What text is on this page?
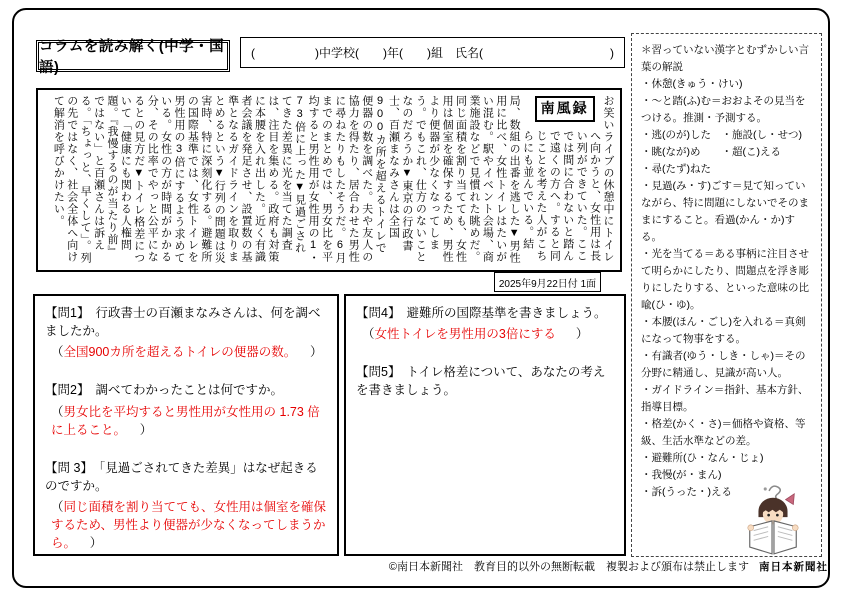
コラムを読み解く(中学・国語)
(　　　　　)中学校(　　)年(　　)組　氏名(	)
お笑いライブの休憩中にト
南風録
イレへ向かうと、女性用は長い列ができていた。ここでは間に合わないと踏んで遠くの方へ。すると同じことを考えた人がこちらにも並んでいる。結局、数組の出番を逃した▼男性用に比べ、女性トイレはたいがい混む。駅やイベント会場、商業施設などで見慣れた眺めだ。同じ面積を割り当てても、女性用は個室を確保するため、男性より便器が少なくなってしまう。でもこれ、仕方のないことなのだろうか▼東京の行政書士、百瀬まなみさんは全国900カ所を超えるトイレで便器の数を調べた。夫や友人の協力を得たり、居合わせた男性に尋ねたりもしたそうだ。6月までのまとめでは、男女比を平均すると男性用が女性用の1・73倍に上った▼見過ごされてきた差異に光を当てた調査は、注目を集める。政府も対策に本腰を入れ出した。近く有識者会議を発足させ、設置数の基準となるガイドラインを取りまとめるという▼行列の問題は災害時、特に深刻化する。避難所の国際基準では、女性トイレを男性用の3倍にするよう求めている。女性の方が時間がかかる分、その比率でやっと公平になるとの見方だ▼トイレ格差について「健康にも関わる人権問題。『我慢するのが当たり前』ではない」と百瀬さんは訴える。「ちょっと、早くして」。列の先ではなく、社会全体へ向けて解消を呼びかけたい。
2025年9月22日付 1面
【問1】 行政書士の百瀬まなみさんは、何を調べましたか。
（全国900カ所を超えるトイレの便器の数。 ）
【問2】 調べてわかったことは何ですか。
（男女比を平均すると男性用が女性用の 1.73 倍に上ること。 ）
【問 3】 「見過ごされてきた差異」はなぜ起きるのですか。
（同じ面積を割り当てても、女性用は個室を確保するため、男性より便器が少なくなってしまうから。 ）
【問4】 避難所の国際基準を書きましょう。
（女性トイレを男性用の3倍にする ）
【問5】 トイレ格差について、あなたの考えを書きましょう。
＊習っていない漢字とむずかしい言葉の解説
・休憩(きゅう・けい)
・〜と踏(ふ)む＝おおよその見当をつける。推測・予測する。
・逃(のが)した　・施設(し・せつ)
・眺(なが)め　　・超(こ)える
・尋(たず)ねた
・見過(み・す)ごす＝見て知っていながら、特に問題にしないでそのままにすること。看過(かん・か)する。
・光を当てる＝ある事柄に注目させて明らかにしたり、問題点を浮き彫りにしたりする、といった意味の比喩(ひ・ゆ)。
・本腰(ほん・ごし)を入れる＝真剣になって物事をする。
・有識者(ゆう・しき・しゃ)＝その分野に精通し、見識が高い人。
・ガイドライン＝指針、基本方針、指導目標。
・格差(かく・さ)＝価格や資格、等級、生活水準などの差。
・避難所(ひ・なん・じょ)
・我慢(が・まん)
・訴(うった・)える
©南日本新聞社　教育目的以外の無断転載　複製および頒布は禁止します 南日本新聞社
